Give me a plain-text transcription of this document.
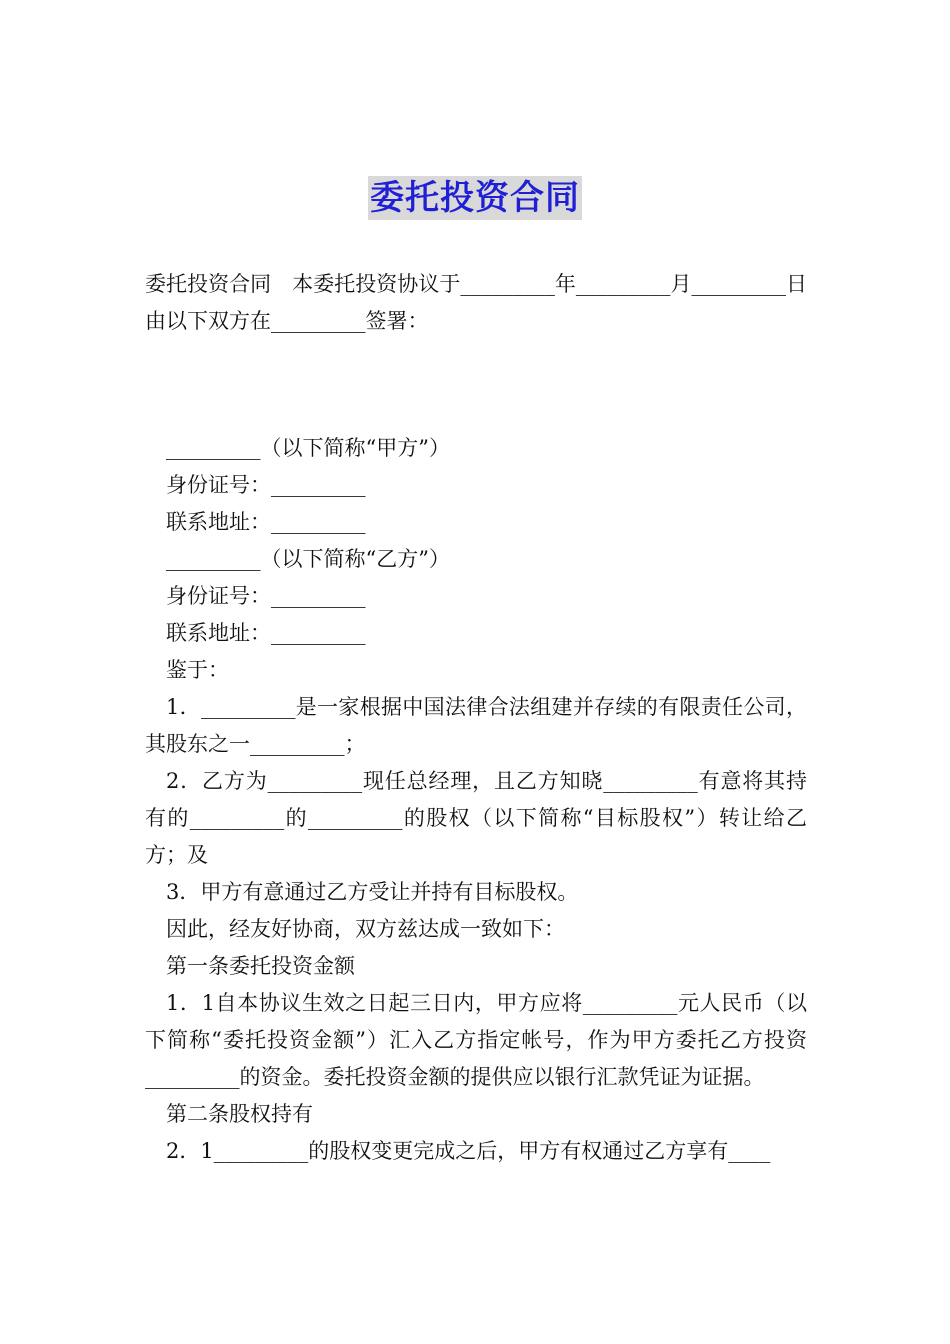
委托投资合同

委托投资合同　本委托投资协议于_________年_________月_________日由以下双方在_________签署：

_________（以下简称“甲方”）

身份证号：_________

联系地址：_________

_________（以下简称“乙方”）

身份证号：_________

联系地址：_________

鉴于：

1．_________是一家根据中国法律合法组建并存续的有限责任公司，其股东之一_________；

2．乙方为_________现任总经理，且乙方知晓_________有意将其持有的_________的_________的股权（以下简称“目标股权”）转让给乙方；及

3．甲方有意通过乙方受让并持有目标股权。

因此，经友好协商，双方兹达成一致如下：

第一条委托投资金额

1．1自本协议生效之日起三日内，甲方应将_________元人民币（以下简称“委托投资金额”）汇入乙方指定帐号，作为甲方委托乙方投资_________的资金。委托投资金额的提供应以银行汇款凭证为证据。

第二条股权持有

2．1_________的股权变更完成之后，甲方有权通过乙方享有____
